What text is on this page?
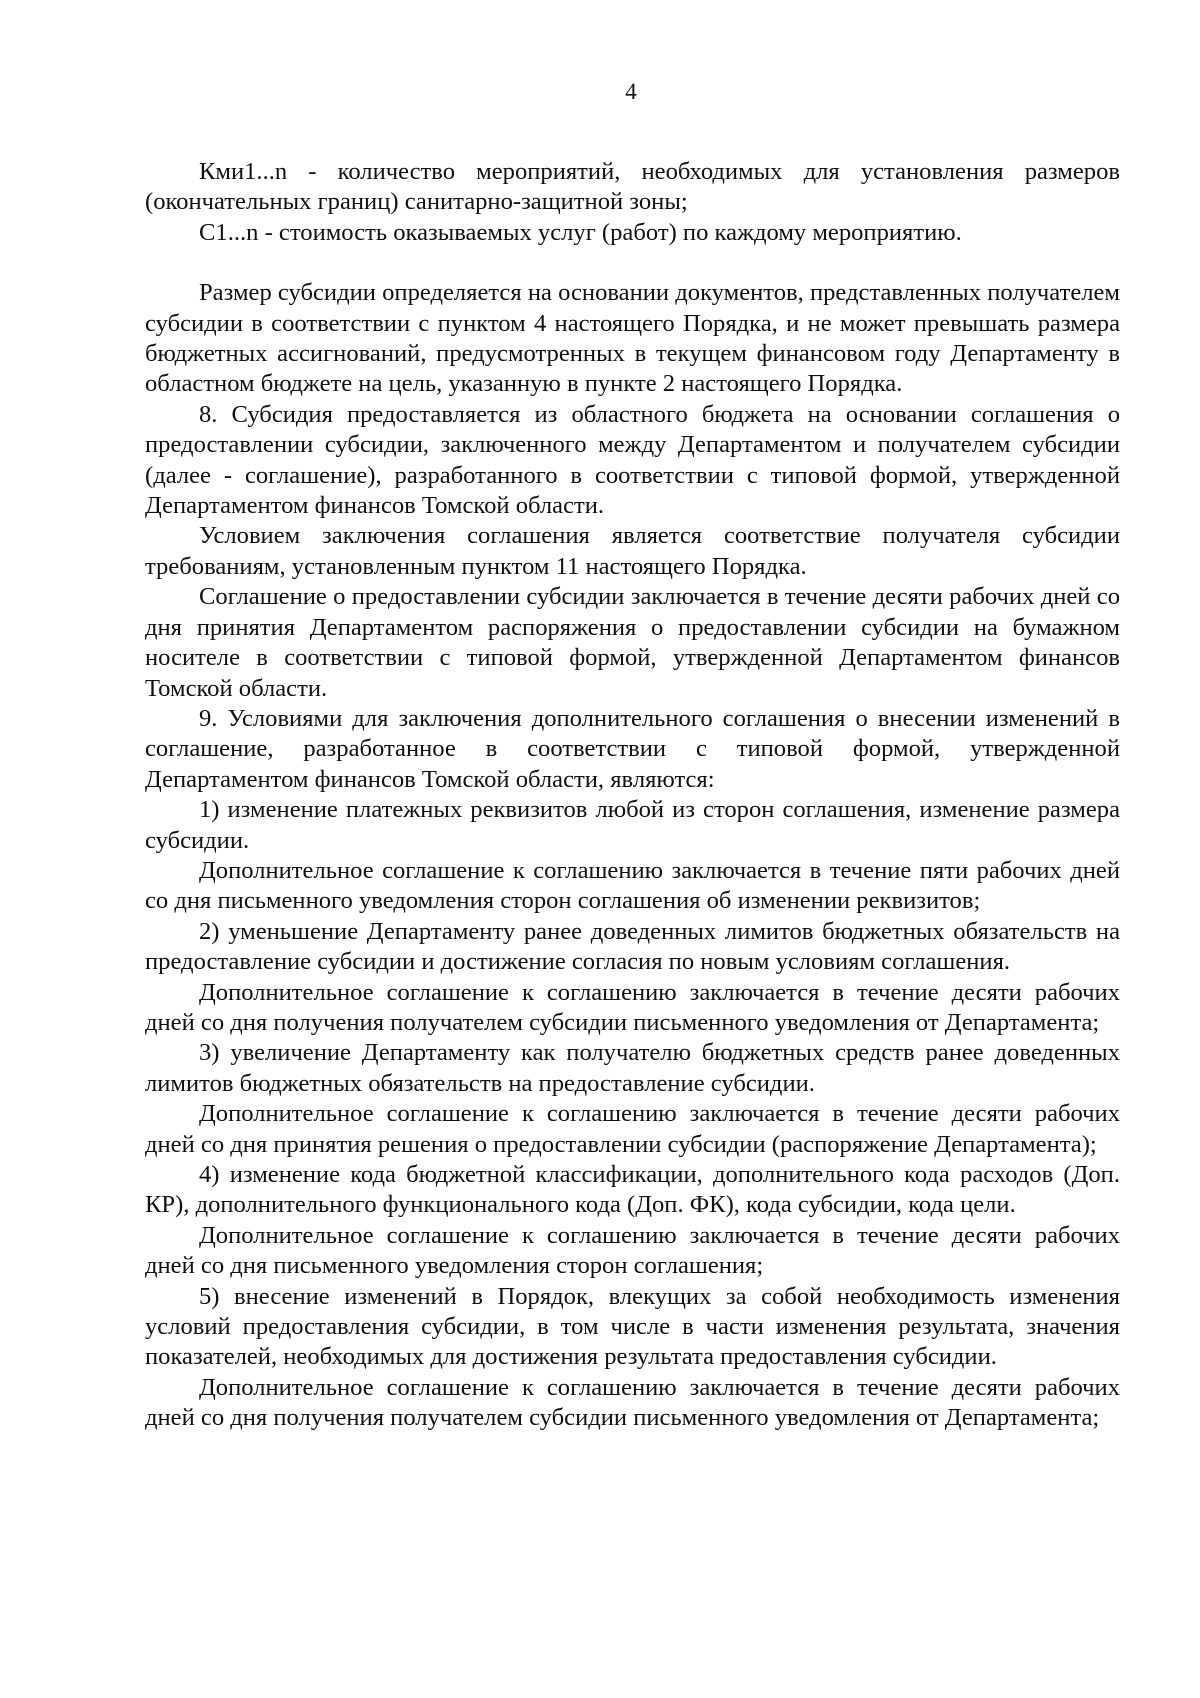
4

Кми1...n - количество мероприятий, необходимых для установления размеров (окончательных границ) санитарно-защитной зоны;

С1...n - стоимость оказываемых услуг (работ) по каждому мероприятию.

Размер субсидии определяется на основании документов, представленных получателем субсидии в соответствии с пунктом 4 настоящего Порядка, и не может превышать размера бюджетных ассигнований, предусмотренных в текущем финансовом году Департаменту в областном бюджете на цель, указанную в пункте 2 настоящего Порядка.

8. Субсидия предоставляется из областного бюджета на основании соглашения о предоставлении субсидии, заключенного между Департаментом и получателем субсидии (далее - соглашение), разработанного в соответствии с типовой формой, утвержденной Департаментом финансов Томской области.

Условием заключения соглашения является соответствие получателя субсидии требованиям, установленным пунктом 11 настоящего Порядка.

Соглашение о предоставлении субсидии заключается в течение десяти рабочих дней со дня принятия Департаментом распоряжения о предоставлении субсидии на бумажном носителе в соответствии с типовой формой, утвержденной Департаментом финансов Томской области.

9. Условиями для заключения дополнительного соглашения о внесении изменений в соглашение, разработанное в соответствии с типовой формой, утвержденной Департаментом финансов Томской области, являются:

1) изменение платежных реквизитов любой из сторон соглашения, изменение размера субсидии.

Дополнительное соглашение к соглашению заключается в течение пяти рабочих дней со дня письменного уведомления сторон соглашения об изменении реквизитов;

2) уменьшение Департаменту ранее доведенных лимитов бюджетных обязательств на предоставление субсидии и достижение согласия по новым условиям соглашения.

Дополнительное соглашение к соглашению заключается в течение десяти рабочих дней со дня получения получателем субсидии письменного уведомления от Департамента;

3) увеличение Департаменту как получателю бюджетных средств ранее доведенных лимитов бюджетных обязательств на предоставление субсидии.

Дополнительное соглашение к соглашению заключается в течение десяти рабочих дней со дня принятия решения о предоставлении субсидии (распоряжение Департамента);

4) изменение кода бюджетной классификации, дополнительного кода расходов (Доп. КР), дополнительного функционального кода (Доп. ФК), кода субсидии, кода цели.

Дополнительное соглашение к соглашению заключается в течение десяти рабочих дней со дня письменного уведомления сторон соглашения;

5) внесение изменений в Порядок, влекущих за собой необходимость изменения условий предоставления субсидии, в том числе в части изменения результата, значения показателей, необходимых для достижения результата предоставления субсидии.

Дополнительное соглашение к соглашению заключается в течение десяти рабочих дней со дня получения получателем субсидии письменного уведомления от Департамента;
